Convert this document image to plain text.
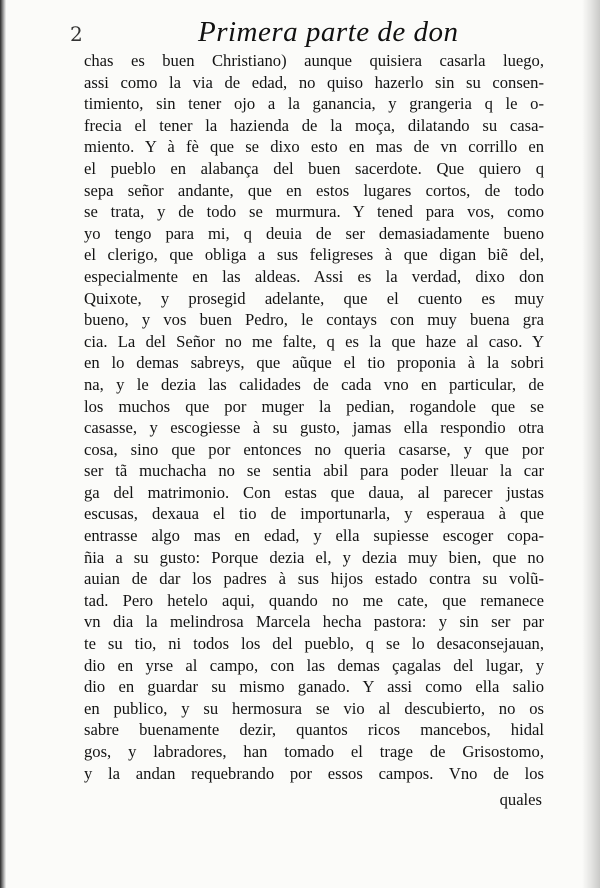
2	Primera parte de don
chas es buen Christiano) aunque quisiera casarla luego,
assi como la via de edad, no quiso hazerlo sin su consen-
timiento, sin tener ojo a la ganancia, y grangeria q le o-
frecia el tener la hazienda de la moça, dilatando su casa-
miento. Y à fè que se dixo esto en mas de vn corrillo en
el pueblo en alabança del buen sacerdote. Que quiero q
sepa señor andante, que en estos lugares cortos, de todo
se trata, y de todo se murmura. Y tened para vos, como
yo tengo para mi, q deuia de ser demasiadamente bueno
el clerigo, que obliga a sus feligreses à que digan biẽ del,
especialmente en las aldeas. Assi es la verdad, dixo don
Quixote, y prosegid adelante, que el cuento es muy
bueno, y vos buen Pedro, le contays con muy buena gra
cia. La del Señor no me falte, q es la que haze al caso. Y
en lo demas sabreys, que aũque el tio proponia à la sobri
na, y le dezia las calidades de cada vno en particular, de
los muchos que por muger la pedian, rogandole que se
casasse, y escogiesse à su gusto, jamas ella respondio otra
cosa, sino que por entonces no queria casarse, y que por
ser tã muchacha no se sentia abil para poder lleuar la car
ga del matrimonio. Con estas que daua, al parecer justas
escusas, dexaua el tio de importunarla, y esperaua à que
entrasse algo mas en edad, y ella supiesse escoger copa-
ñia a su gusto: Porque dezia el, y dezia muy bien, que no
auian de dar los padres à sus hijos estado contra su volũ-
tad. Pero hetelo aqui, quando no me cate, que remanece
vn dia la melindrosa Marcela hecha pastora: y sin ser par
te su tio, ni todos los del pueblo, q se lo desaconsejauan,
dio en yrse al campo, con las demas çagalas del lugar, y
dio en guardar su mismo ganado. Y assi como ella salio
en publico, y su hermosura se vio al descubierto, no os
sabre buenamente dezir, quantos ricos mancebos, hidal
gos, y labradores, han tomado el trage de Grisostomo,
y la andan requebrando por essos campos. Vno de los
quales
